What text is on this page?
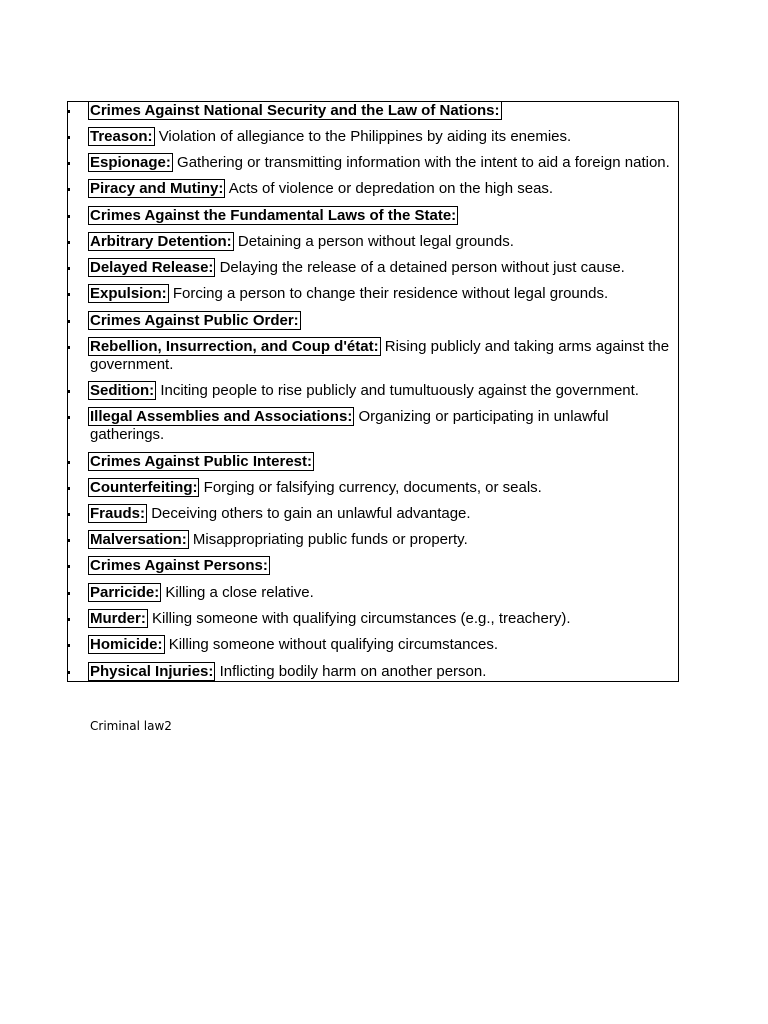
Crimes Against National Security and the Law of Nations:
Treason: Violation of allegiance to the Philippines by aiding its enemies.
Espionage: Gathering or transmitting information with the intent to aid a foreign nation.
Piracy and Mutiny: Acts of violence or depredation on the high seas.
Crimes Against the Fundamental Laws of the State:
Arbitrary Detention: Detaining a person without legal grounds.
Delayed Release: Delaying the release of a detained person without just cause.
Expulsion: Forcing a person to change their residence without legal grounds.
Crimes Against Public Order:
Rebellion, Insurrection, and Coup d'état: Rising publicly and taking arms against the government.
Sedition: Inciting people to rise publicly and tumultuously against the government.
Illegal Assemblies and Associations: Organizing or participating in unlawful gatherings.
Crimes Against Public Interest:
Counterfeiting: Forging or falsifying currency, documents, or seals.
Frauds: Deceiving others to gain an unlawful advantage.
Malversation: Misappropriating public funds or property.
Crimes Against Persons:
Parricide: Killing a close relative.
Murder: Killing someone with qualifying circumstances (e.g., treachery).
Homicide: Killing someone without qualifying circumstances.
Physical Injuries: Inflicting bodily harm on another person.
Criminal law2
